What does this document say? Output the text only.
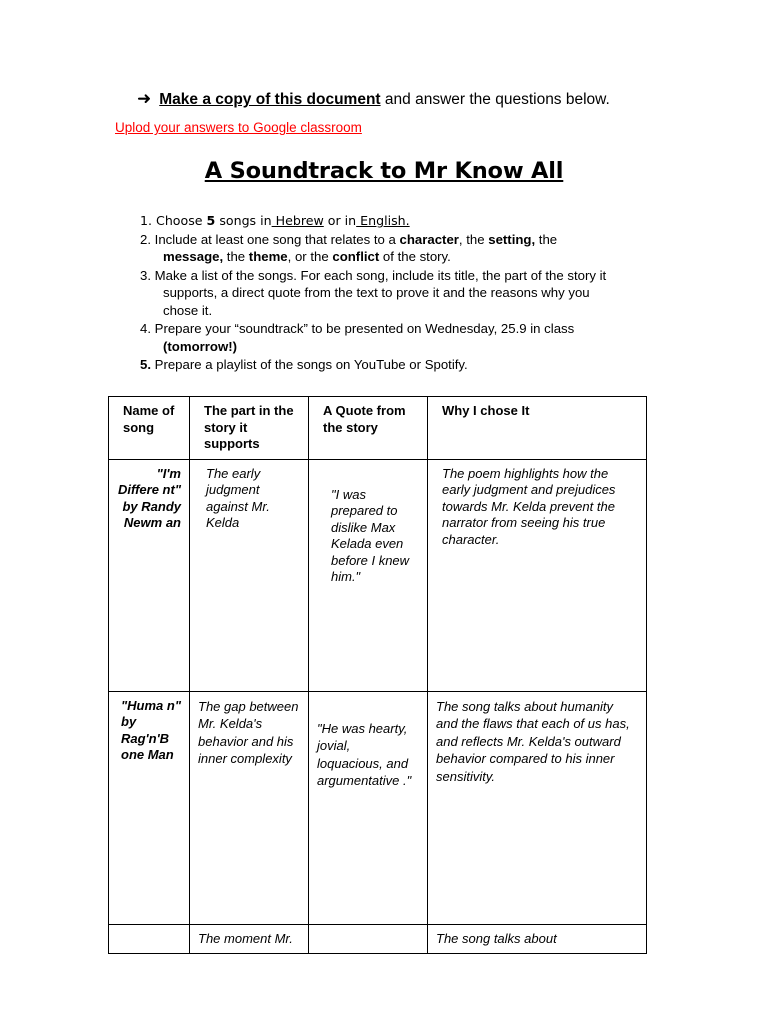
➜ Make a copy of this document and answer the questions below.
Uplod your answers to Google classroom
A Soundtrack to Mr Know All
1. Choose 5 songs in Hebrew or in English.
2. Include at least one song that relates to a character, the setting, the
message, the theme, or the conflict of the story.
3. Make a list of the songs. For each song, include its title, the part of the story it
supports, a direct quote from the text to prove it and the reasons why you
chose it.
4. Prepare your “soundtrack” to be presented on Wednesday, 25.9 in class
(tomorrow!)
5. Prepare a playlist of the songs on YouTube or Spotify.
Name of song	The part in the story it supports	A Quote from the story	Why I chose It
"I'm Differe nt" by Randy Newm an	The early judgment against Mr. Kelda	"I was prepared to dislike Max Kelada even before I knew him."	The poem highlights how the early judgment and prejudices towards Mr. Kelda prevent the narrator from seeing his true character.
"Huma n" by Rag'n'B one Man	The gap between Mr. Kelda's behavior and his inner complexity	"He was hearty, jovial, loquacious, and argumentative ."	The song talks about humanity and the flaws that each of us has, and reflects Mr. Kelda's outward behavior compared to his inner sensitivity.
	The moment Mr.		The song talks about
